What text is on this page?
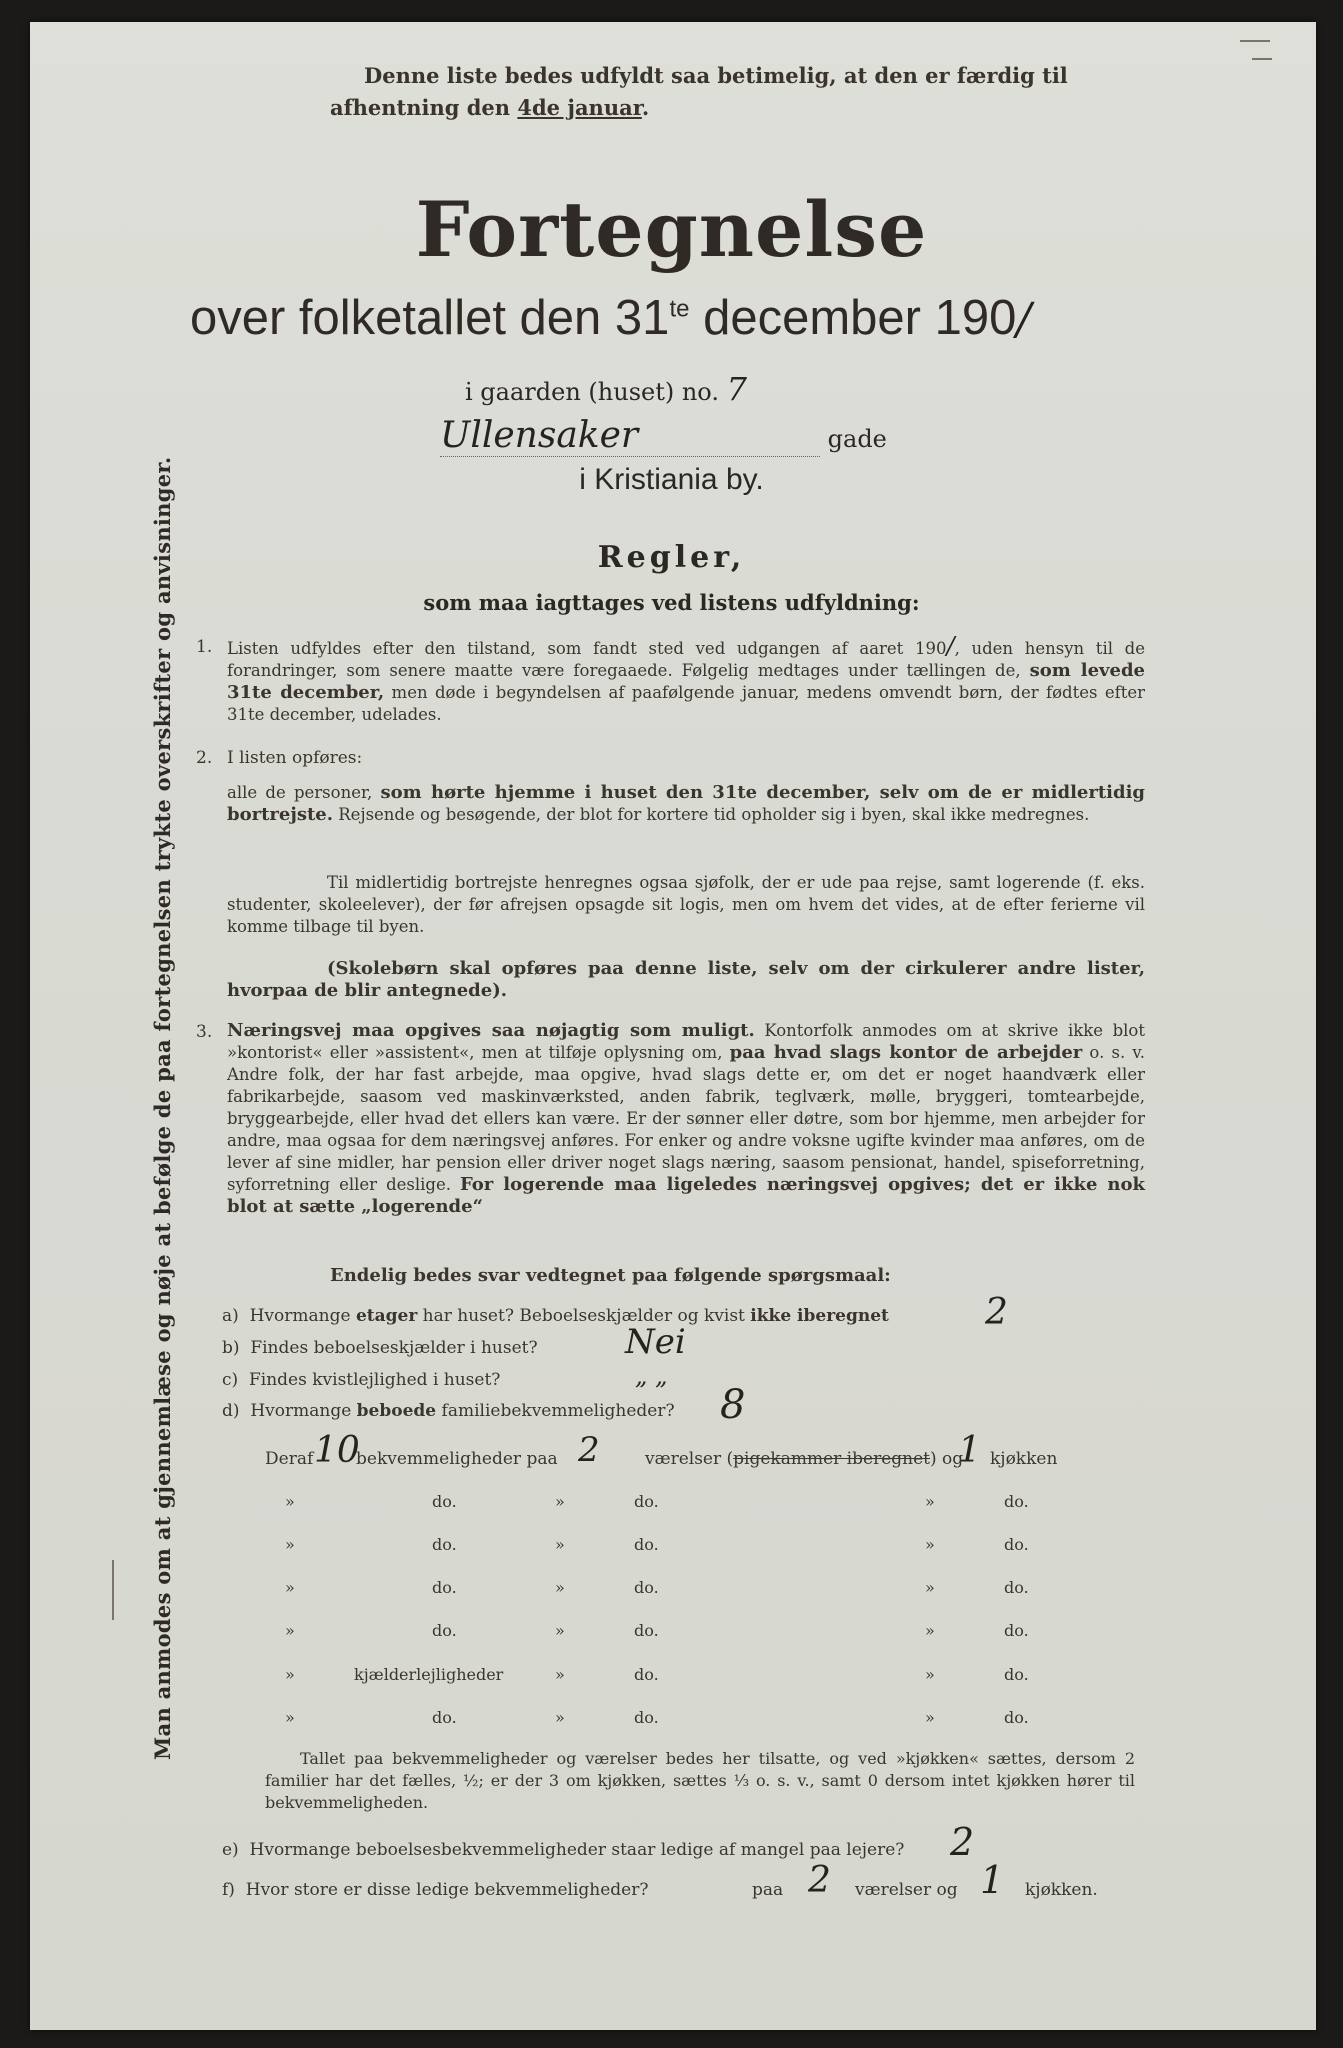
Man anmodes om at gjennemlæse og nøje at befølge de paa fortegnelsen trykte overskrifter og anvisninger.
Denne liste bedes udfyldt saa betimelig, at den er færdig til
afhentning den 4de januar.
Fortegnelse
over folketallet den $31^{te}$ december 190/
i gaarden (huset) no. 7
Ullensaker	gade
i Kristiania by.
Regler,
som maa iagttages ved listens udfyldning:
1. Listen udfyldes efter den tilstand, som fandt sted ved udgangen af aaret 190/, uden hensyn til de forandringer, som senere maatte være foregaaede. Følgelig medtages under tællingen de, som levede 31te december, men døde i begyndelsen af paafølgende januar, medens omvendt børn, der fødtes efter 31te december, udelades.
2. I listen opføres:
alle de personer, som hørte hjemme i huset den 31te december, selv om de er midlertidig bortrejste. Rejsende og besøgende, der blot for kortere tid opholder sig i byen, skal ikke medregnes.
Til midlertidig bortrejste henregnes ogsaa sjøfolk, der er ude paa rejse, samt logerende (f. eks. studenter, skoleelever), der før afrejsen opsagde sit logis, men om hvem det vides, at de efter ferierne vil komme tilbage til byen.
(Skolebørn skal opføres paa denne liste, selv om der cirkulerer andre lister, hvorpaa de blir antegnede).
3. Næringsvej maa opgives saa nøjagtig som muligt. Kontorfolk anmodes om at skrive ikke blot »kontorist« eller »assistent«, men at tilføje oplysning om, paa hvad slags kontor de arbejder o. s. v. Andre folk, der har fast arbejde, maa opgive, hvad slags dette er, om det er noget haandværk eller fabrikarbejde, saasom ved maskinværksted, anden fabrik, teglværk, mølle, bryggeri, tomtearbejde, bryggearbejde, eller hvad det ellers kan være. Er der sønner eller døtre, som bor hjemme, men arbejder for andre, maa ogsaa for dem næringsvej anføres. For enker og andre voksne ugifte kvinder maa anføres, om de lever af sine midler, har pension eller driver noget slags næring, saasom pensionat, handel, spiseforretning, syforretning eller deslige. For logerende maa ligeledes næringsvej opgives; det er ikke nok blot at sætte „logerende“
Endelig bedes svar vedtegnet paa følgende spørgsmaal:
a) Hvormange etager har huset? Beboelseskjælder og kvist ikke iberegnet	2
b) Findes beboelseskjælder i huset?	Nei
c) Findes kvistlejlighed i huset?	„ „
d) Hvormange beboede familiebekvemmeligheder? 8
Deraf 10
bekvemmeligheder paa 2	værelser (pigekammer iberegnet) og
1 kjøkken
»	do.	»	do.	»	do.
»	do.	»	do.	»	do.
»	do.	»	do.	»	do.
»	do.	»	do.	»	do.
»	kjælderlejligheder	»	do.	»	do.
»	do.	»	do.	»	do.
Tallet paa bekvemmeligheder og værelser bedes her tilsatte, og ved »kjøkken« sættes, dersom 2 familier har det fælles, ½; er der 3 om kjøkken, sættes ⅓ o. s. v., samt 0 dersom intet kjøkken hører til bekvemmeligheden.
e) Hvormange beboelsesbekvemmeligheder staar ledige af mangel paa lejere? 2
f) Hvor store er disse ledige bekvemmeligheder?	paa 2 værelser og 1 kjøkken.
